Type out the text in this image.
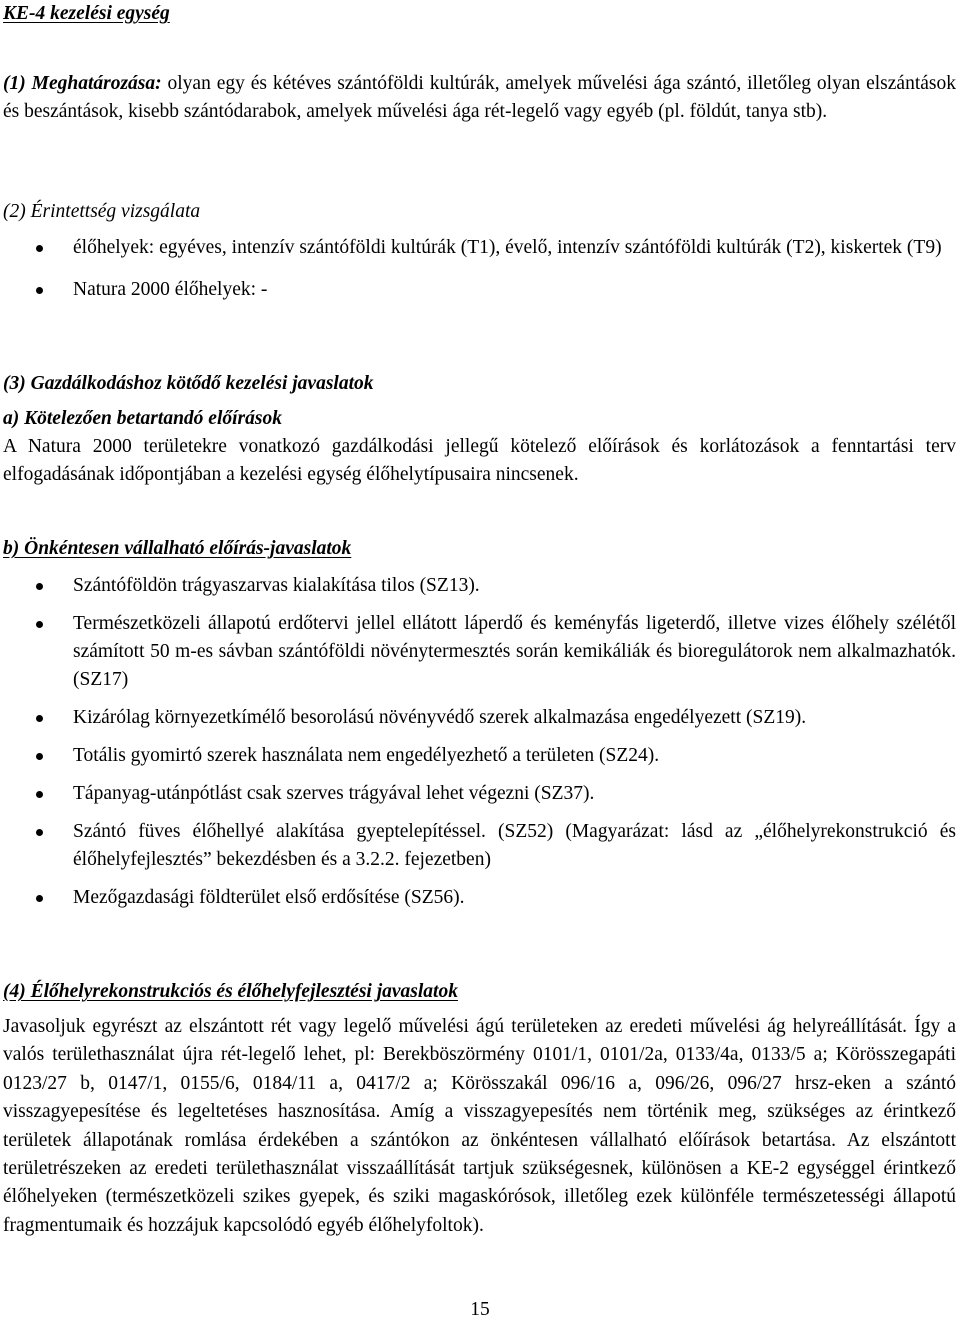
KE-4 kezelési egység

(1) Meghatározása: olyan egy és kétéves szántóföldi kultúrák, amelyek művelési ága szántó, illetőleg olyan elszántások és beszántások, kisebb szántódarabok, amelyek művelési ága rét-legelő vagy egyéb (pl. földút, tanya stb).

(2) Érintettség vizsgálata

élőhelyek: egyéves, intenzív szántóföldi kultúrák (T1), évelő, intenzív szántóföldi kultúrák (T2), kiskertek (T9)
Natura 2000 élőhelyek: -

(3) Gazdálkodáshoz kötődő kezelési javaslatok

a) Kötelezően betartandó előírások

A Natura 2000 területekre vonatkozó gazdálkodási jellegű kötelező előírások és korlátozások a fenntartási terv elfogadásának időpontjában a kezelési egység élőhelytípusaira nincsenek.

b) Önkéntesen vállalható előírás-javaslatok

Szántóföldön trágyaszarvas kialakítása tilos (SZ13).
Természetközeli állapotú erdőtervi jellel ellátott láperdő és keményfás ligeterdő, illetve vizes élőhely szélétől számított 50 m-es sávban szántóföldi növénytermesztés során kemikáliák és bioregulátorok nem alkalmazhatók. (SZ17)
Kizárólag környezetkímélő besorolású növényvédő szerek alkalmazása engedélyezett (SZ19).
Totális gyomirtó szerek használata nem engedélyezhető a területen (SZ24).
Tápanyag-utánpótlást csak szerves trágyával lehet végezni (SZ37).
Szántó füves élőhellyé alakítása gyeptelepítéssel. (SZ52) (Magyarázat: lásd az „élőhelyrekonstrukció és élőhelyfejlesztés” bekezdésben és a 3.2.2. fejezetben)
Mezőgazdasági földterület első erdősítése (SZ56).

(4) Élőhelyrekonstrukciós és élőhelyfejlesztési javaslatok

Javasoljuk egyrészt az elszántott rét vagy legelő művelési ágú területeken az eredeti művelési ág helyreállítását. Így a valós területhasználat újra rét-legelő lehet, pl: Berekböszörmény 0101/1, 0101/2a, 0133/4a, 0133/5 a; Körösszegapáti 0123/27 b, 0147/1, 0155/6, 0184/11 a, 0417/2 a; Körösszakál 096/16 a, 096/26, 096/27 hrsz-eken a szántó visszagyepesítése és legeltetéses hasznosítása. Amíg a visszagyepesítés nem történik meg, szükséges az érintkező területek állapotának romlása érdekében a szántókon az önkéntesen vállalható előírások betartása. Az elszántott területrészeken az eredeti területhasználat visszaállítását tartjuk szükségesnek, különösen a KE-2 egységgel érintkező élőhelyeken (természetközeli szikes gyepek, és sziki magaskórósok, illetőleg ezek különféle természetességi állapotú fragmentumaik és hozzájuk kapcsolódó egyéb élőhelyfoltok).

15
